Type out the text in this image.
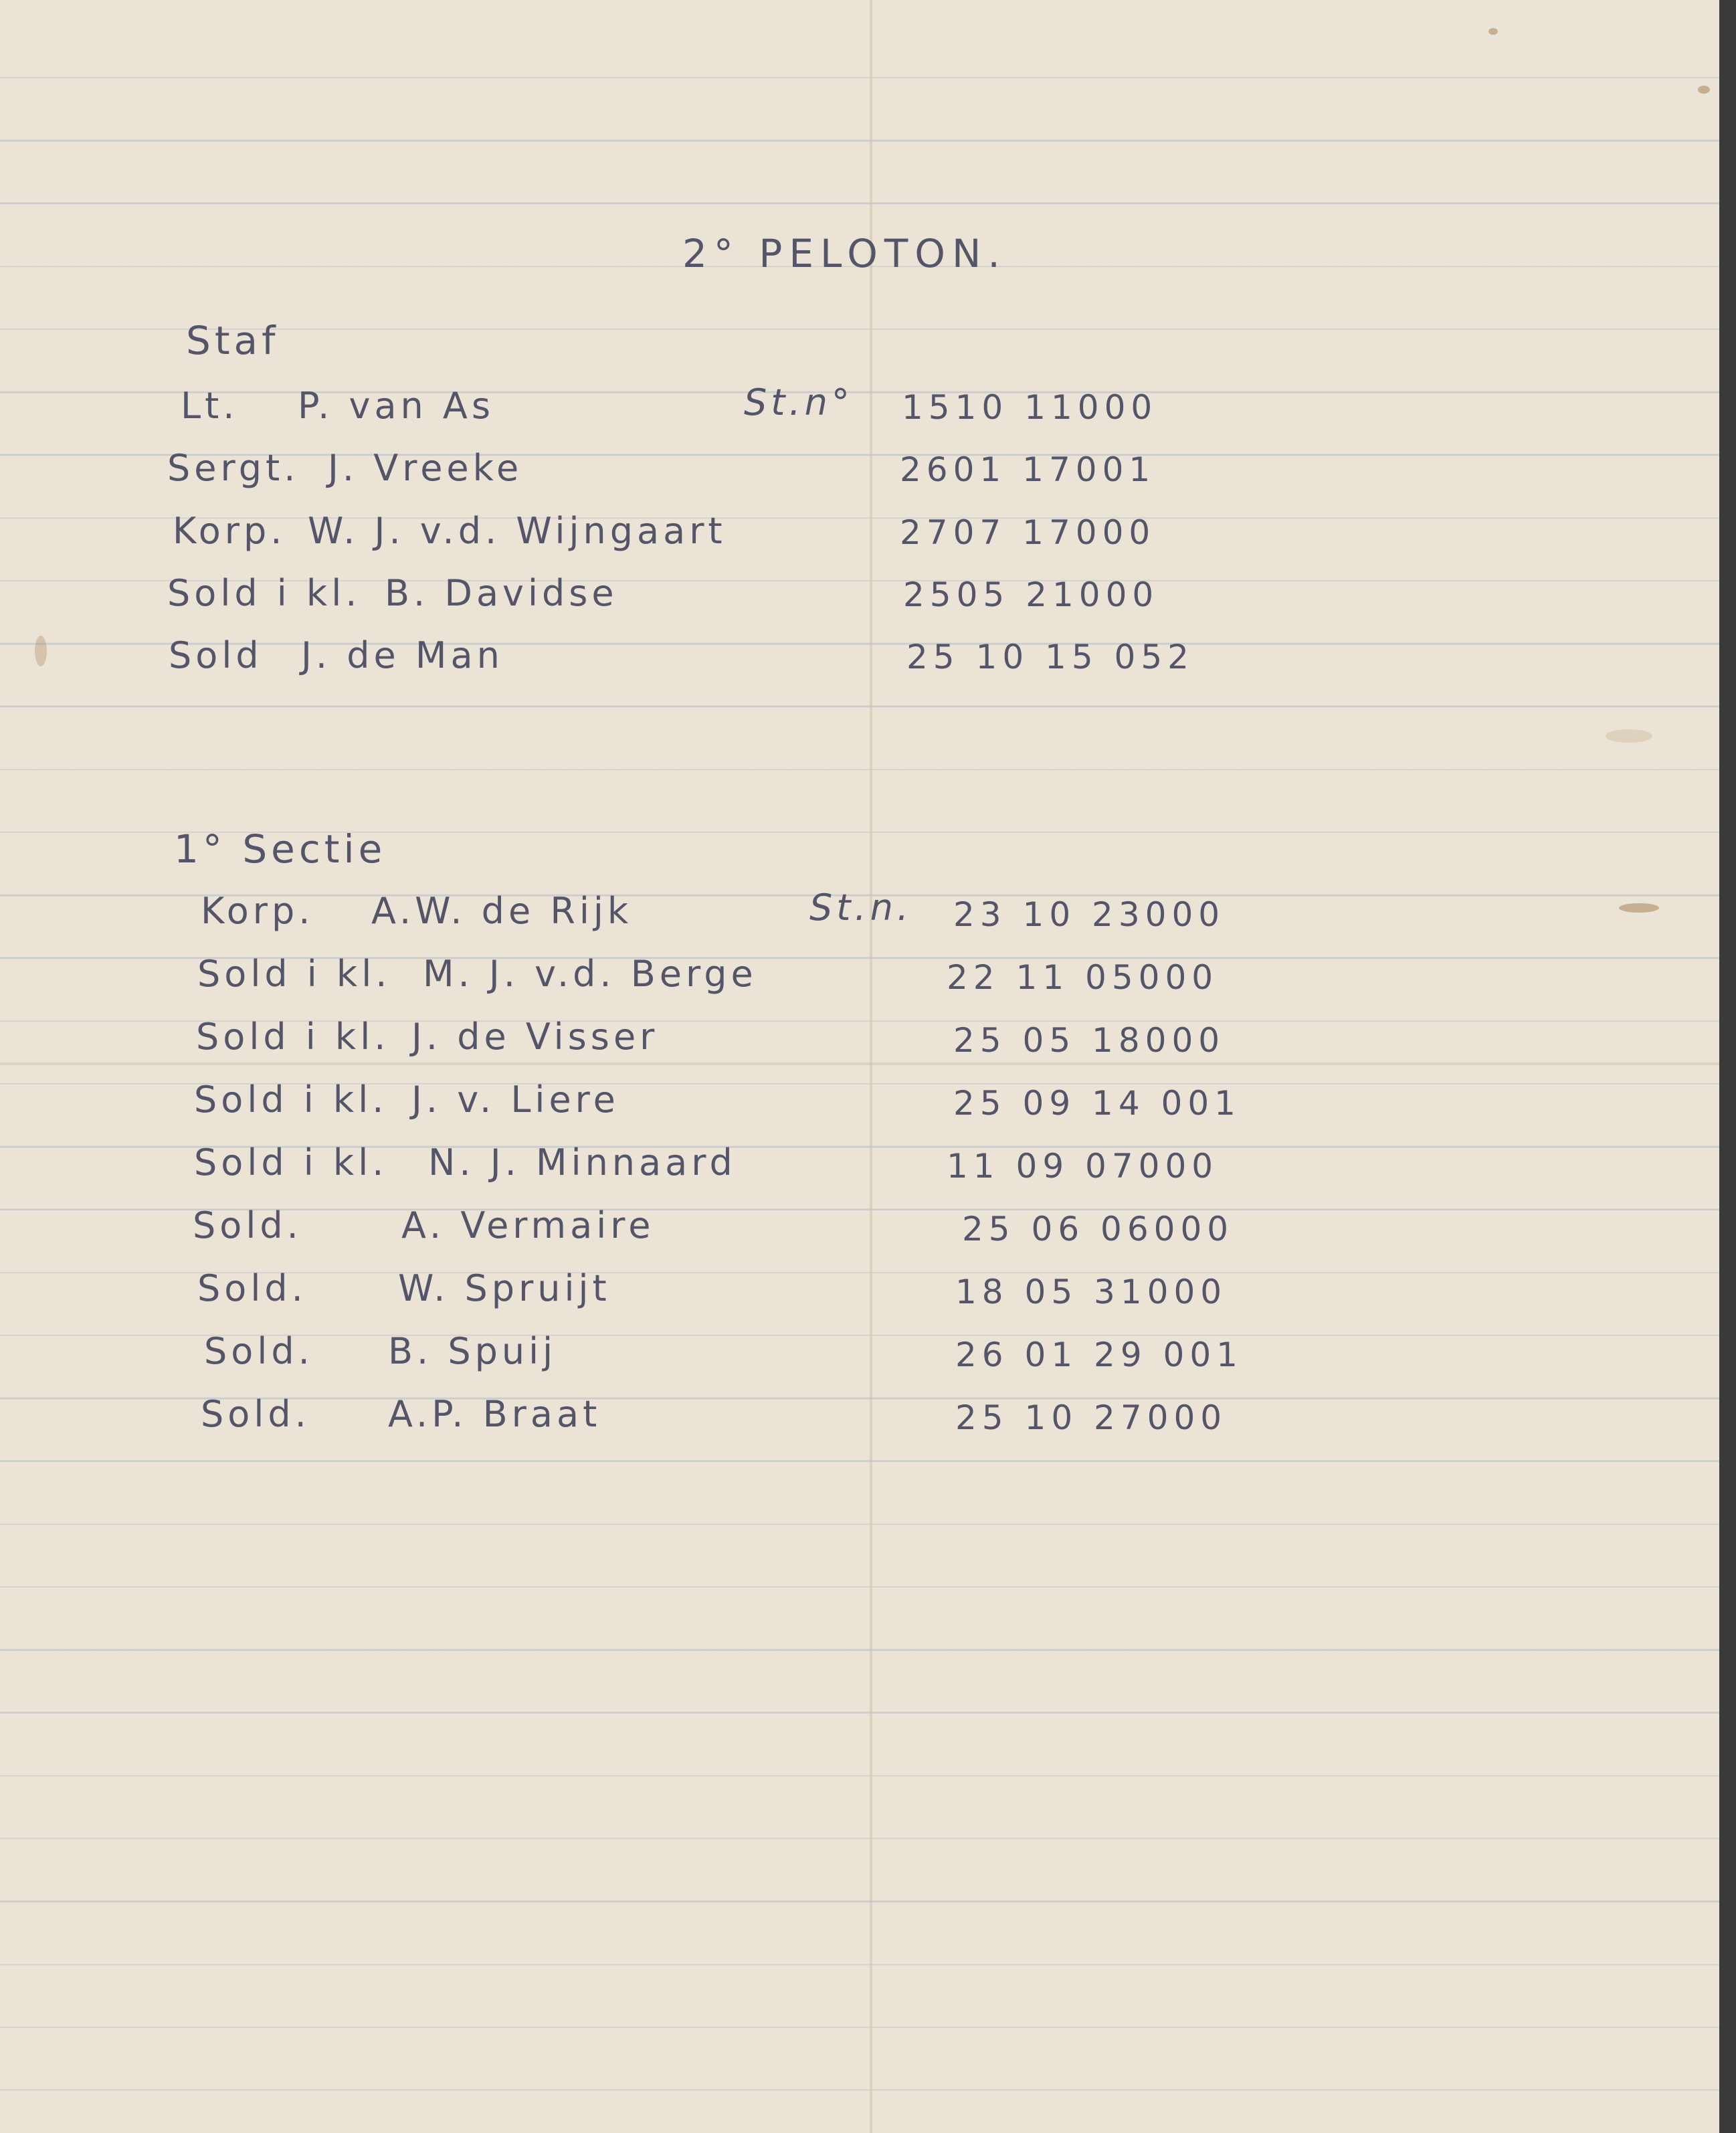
2° PELOTON.
Staf
St.n°
Lt. P. van As	1510 11000
Sergt. J. Vreeke	2601 17001
Korp. W. J. v.d. Wijngaart	2707 17000
Sold i kl. B. Davidse	2505 21000
Sold J. de Man	25 10 15 052
1° Sectie
St.n.
Korp. A.W. de Rijk	23 10 23000
Sold i kl. M. J. v.d. Berge	22 11 05000
Sold i kl. J. de Visser	25 05 18000
Sold i kl. J. v. Liere	25 09 14 001
Sold i kl. N. J. Minnaard	11 09 07000
Sold.	A. Vermaire	25 06 06000
Sold.	W. Spruijt	18 05 31000
Sold. B. Spuij	26 01 29 001
Sold. A.P. Braat	25 10 27000
